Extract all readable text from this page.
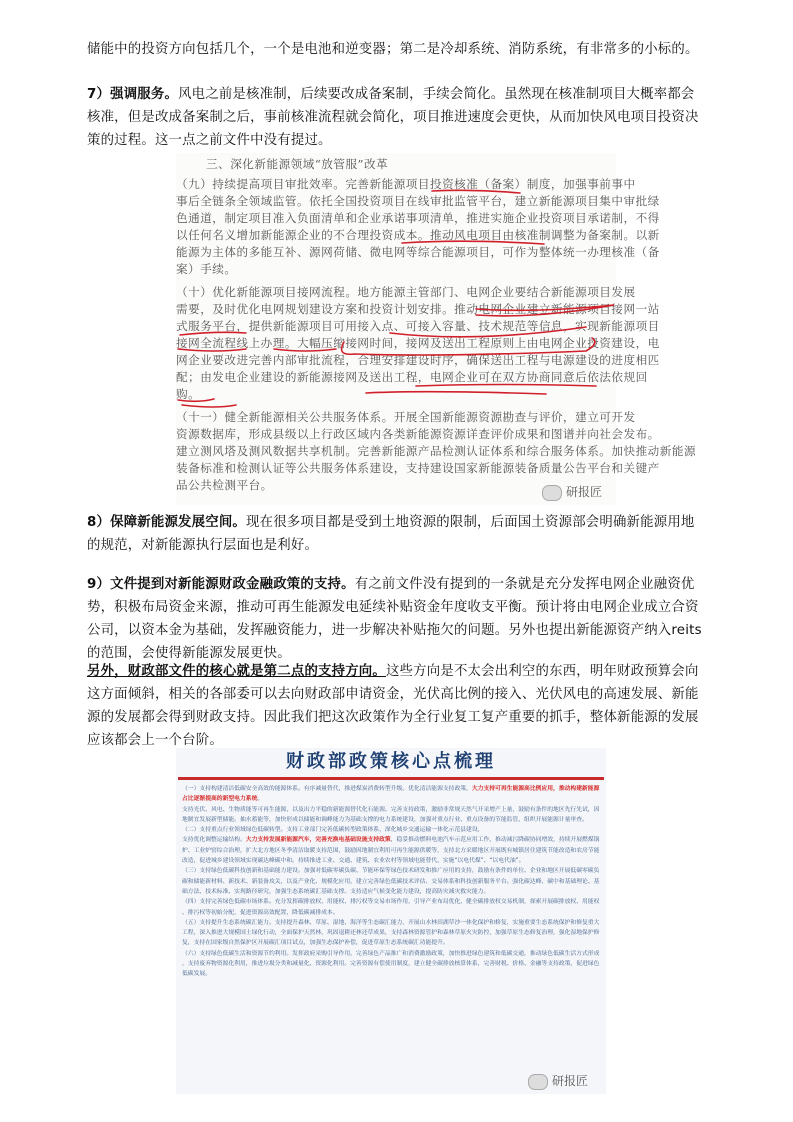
储能中的投资方向包括几个，一个是电池和逆变器；第二是冷却系统、消防系统，有非常多的小标的。
7）强调服务。风电之前是核准制，后续要改成备案制，手续会简化。虽然现在核准制项目大概率都会核准，但是改成备案制之后，事前核准流程就会简化，项目推进速度会更快，从而加快风电项目投资决策的过程。这一点之前文件中没有提过。
三、深化新能源领域“放管服”改革
（九）持续提高项目审批效率。完善新能源项目投资核准（备案）制度，加强事前事中
事后全链条全领域监管。依托全国投资项目在线审批监管平台，建立新能源项目集中审批绿
色通道，制定项目准入负面清单和企业承诺事项清单，推进实施企业投资项目承诺制，不得
以任何名义增加新能源企业的不合理投资成本。推动风电项目由核准制调整为备案制。以新
能源为主体的多能互补、源网荷储、微电网等综合能源项目，可作为整体统一办理核准（备
案）手续。
（十）优化新能源项目接网流程。地方能源主管部门、电网企业要结合新能源项目发展
需要，及时优化电网规划建设方案和投资计划安排。推动电网企业建立新能源项目接网一站
式服务平台，提供新能源项目可用接入点、可接入容量、技术规范等信息，实现新能源项目
接网全流程线上办理。大幅压缩接网时间，接网及送出工程原则上由电网企业投资建设，电
网企业要改进完善内部审批流程，合理安排建设时序，确保送出工程与电源建设的进度相匹
配；由发电企业建设的新能源接网及送出工程，电网企业可在双方协商同意后依法依规回
购。
（十一）健全新能源相关公共服务体系。开展全国新能源资源勘查与评价，建立可开发
资源数据库，形成县级以上行政区域内各类新能源资源详查评价成果和图谱并向社会发布。
建立测风塔及测风数据共享机制。完善新能源产品检测认证体系和综合服务体系。加快推动新能源
装备标准和检测认证等公共服务体系建设，支持建设国家新能源装备质量公告平台和关键产
品公共检测平台。	研报匠
8）保障新能源发展空间。现在很多项目都是受到土地资源的限制，后面国土资源部会明确新能源用地的规范，对新能源执行层面也是利好。
9）文件提到对新能源财政金融政策的支持。有之前文件没有提到的一条就是充分发挥电网企业融资优势，积极布局资金来源，推动可再生能源发电延续补贴资金年度收支平衡。预计将由电网企业成立合资公司，以资本金为基础，发挥融资能力，进一步解决补贴拖欠的问题。另外也提出新能源资产纳入reits的范围，会使得新能源发展更快。
另外，财政部文件的核心就是第二点的支持方向。这些方向是不太会出利空的东西，明年财政预算会向这方面倾斜，相关的各部委可以去向财政部申请资金，光伏高比例的接入、光伏风电的高速发展、新能源的发展都会得到财政支持。因此我们把这次政策作为全行业复工复产重要的抓手，整体新能源的发展应该都会上一个台阶。
财政部政策核心点梳理
（一）支持构建清洁低碳安全高效的能源体系。有序减量替代，推进煤炭消费转型升级。优化清洁能源支持政策，大力支持可再生能源高比例应用，推动构建新能源
占比逐渐提高的新型电力系统。
支持光伏、风电、生物质能等可再生能源，以及出力平稳的新能源替代化石能源。完善支持政策，激励非常规天然气开采增产上量，鼓励有条件的地区先行先试，因
地制宜发展新型储能。抽水蓄能等，加快形成以储能和调峰能力为基础支撑的电力系统建设，加强对重点行业、重点设备的节能监管，组织开展能源计量审查。
（二）支持重点行业领域绿色低碳转型。支持工业部门完善低碳转型政策体系，深化城乡交通运输一体化示范县建设，
支持优化调整运输结构。大力支持发展新能源汽车，完善充换电基础设施支持政策，稳妥推动燃料电池汽车示范应用工作，推动减污降碳协同增效，持续开展燃煤锅
炉、工业炉窑综合治理，扩大北方地区冬季清洁取暖支持范围，鼓励因地制宜利用可再生能源供暖等，支持北方采暖地区开展既有城镇居住建筑节能改造和农房节能
改造，促进城乡建设领域实现碳达峰碳中和。持续推进工业、交通、建筑、农业农村等领域电能替代，实施“以电代煤”、“以电代油”。
（三）支持绿色低碳科技创新和基础能力建设。加强对低碳零碳负碳、节能环保等绿色技术研发和推广应用的支持，鼓励有条件的单位、企业和地区开展低碳零碳负
碳和储能新材料、新技术、新装备攻关，以及产业化、规模化应用，建立完善绿色低碳技术评估、交易体系和科技创新服务平台。强化碳达峰、碳中和基础理论、基
础方法、技术标准、实现路径研究，加强生态系统碳汇基础支撑。支持适应气候变化能力建设，提高防灾减灾救灾能力。
（四）支持完善绿色低碳市场体系。充分发挥碳排放权、用能权、排污权等交易市场作用，引导产业布局优化，健全碳排放权交易机制，探索开展碳排放权、用能权
、排污权等初始分配，促进资源高效配置，降低碳减排成本。
（五）支持提升生态系统碳汇能力。支持提升森林、草原、湿地、海洋等生态碳汇能力，开展山水林田湖草沙一体化保护和修复，实施重要生态系统保护和修复重大
工程，深入推进大规模国土绿化行动，全面保护天然林，巩固退耕还林还草成果，支持森林资源管护和森林草原火灾防控，加强草原生态修复治理，强化湿地保护修
复，支持在国家级自然保护区开展碳汇项目试点，加强生态保护补偿，促进草原生态系统碳汇功能提升。
（六）支持绿色低碳生活和资源节约利用。发挥政府采购引导作用，完善绿色产品推广和消费激励政策，加快推进绿色建筑和低碳交通，推动绿色低碳生活方式形成
，支持废弃物资源化利用，推进垃圾分类和减量化、资源化利用。完善资源有偿使用制度，建立健全碳排放核算体系，完善财税、价格、金融等支持政策，促进绿色
低碳发展。
研报匠
